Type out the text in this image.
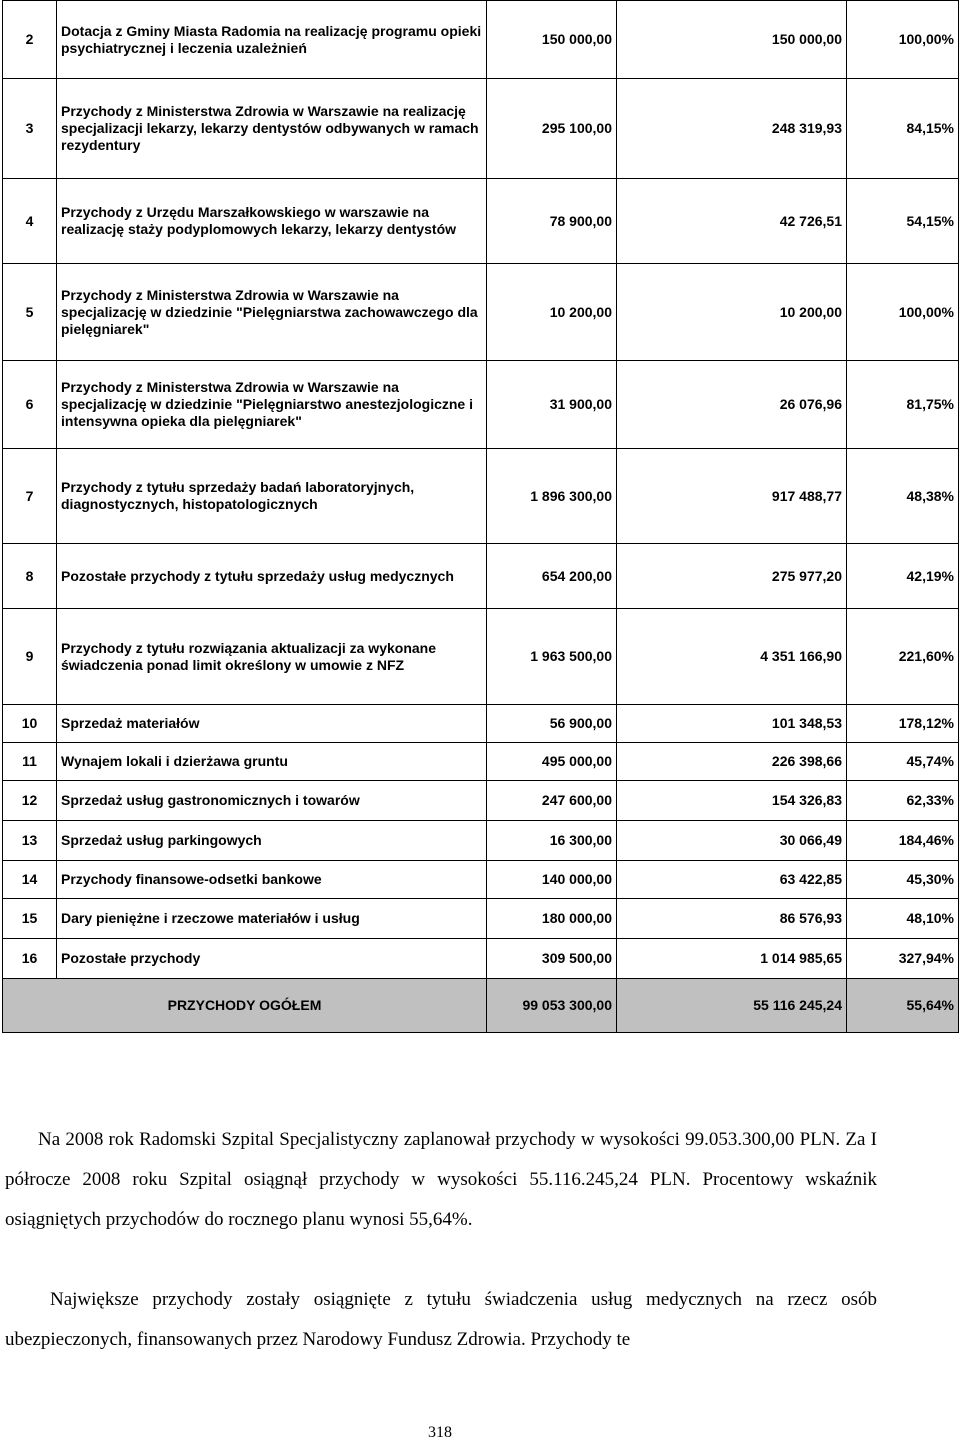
2	Dotacja z Gminy Miasta Radomia na realizację programu opieki psychiatrycznej i leczenia uzależnień	150 000,00	150 000,00	100,00%
3	Przychody z Ministerstwa Zdrowia w Warszawie na realizację specjalizacji lekarzy, lekarzy dentystów odbywanych w ramach rezydentury	295 100,00	248 319,93	84,15%
4	Przychody z Urzędu Marszałkowskiego w warszawie na realizację staży podyplomowych lekarzy, lekarzy dentystów	78 900,00	42 726,51	54,15%
5	Przychody z Ministerstwa Zdrowia w Warszawie na specjalizację w dziedzinie "Pielęgniarstwa zachowawczego dla pielęgniarek"	10 200,00	10 200,00	100,00%
6	Przychody z Ministerstwa Zdrowia w Warszawie na specjalizację w dziedzinie "Pielęgniarstwo anestezjologiczne i intensywna opieka dla pielęgniarek"	31 900,00	26 076,96	81,75%
7	Przychody z tytułu sprzedaży badań laboratoryjnych, diagnostycznych, histopatologicznych	1 896 300,00	917 488,77	48,38%
8	Pozostałe przychody z tytułu sprzedaży usług medycznych	654 200,00	275 977,20	42,19%
9	Przychody z tytułu rozwiązania aktualizacji za wykonane świadczenia ponad limit określony w umowie z NFZ	1 963 500,00	4 351 166,90	221,60%
10	Sprzedaż materiałów	56 900,00	101 348,53	178,12%
11	Wynajem lokali i dzierżawa gruntu	495 000,00	226 398,66	45,74%
12	Sprzedaż usług gastronomicznych i towarów	247 600,00	154 326,83	62,33%
13	Sprzedaż usług parkingowych	16 300,00	30 066,49	184,46%
14	Przychody finansowe-odsetki bankowe	140 000,00	63 422,85	45,30%
15	Dary pieniężne i rzeczowe materiałów i usług	180 000,00	86 576,93	48,10%
16	Pozostałe przychody	309 500,00	1 014 985,65	327,94%
PRZYCHODY OGÓŁEM		99 053 300,00	55 116 245,24	55,64%

Na 2008 rok Radomski Szpital Specjalistyczny zaplanował przychody w wysokości 99.053.300,00 PLN. Za I półrocze 2008 roku Szpital osiągnął przychody w wysokości 55.116.245,24 PLN. Procentowy wskaźnik osiągniętych przychodów do rocznego planu wynosi 55,64%.

Największe przychody zostały osiągnięte z tytułu świadczenia usług medycznych na rzecz osób ubezpieczonych, finansowanych przez Narodowy Fundusz Zdrowia. Przychody te

318
